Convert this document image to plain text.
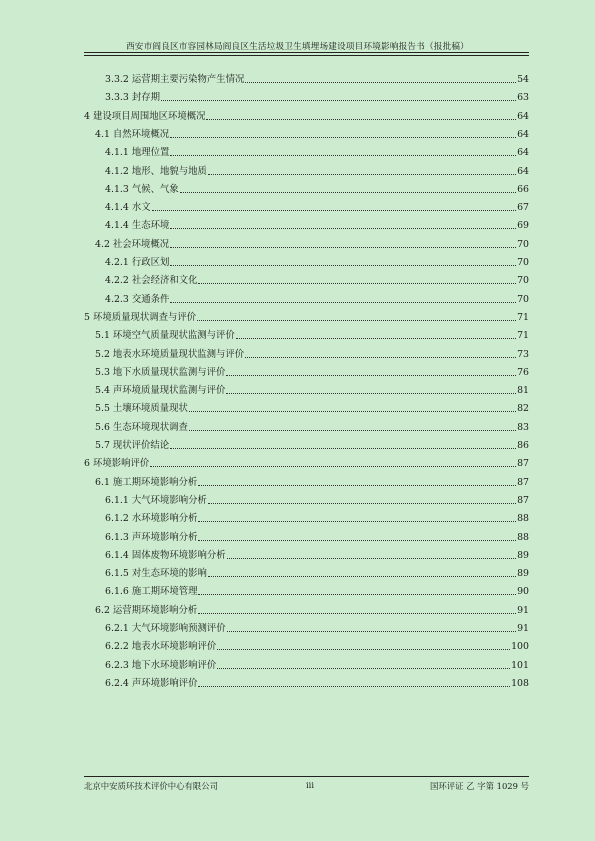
西安市阎良区市容园林局阎良区生活垃圾卫生填埋场建设项目环境影响报告书（报批稿）
3.3.2 运营期主要污染物产生情况	54
3.3.3 封存期	63
4 建设项目周围地区环境概况	64
4.1 自然环境概况	64
4.1.1 地理位置	64
4.1.2 地形、地貌与地质	64
4.1.3 气候、气象	66
4.1.4 水文	67
4.1.4 生态环境	69
4.2 社会环境概况	70
4.2.1 行政区划	70
4.2.2 社会经济和文化	70
4.2.3 交通条件	70
5 环境质量现状调查与评价	71
5.1 环境空气质量现状监测与评价	71
5.2 地表水环境质量现状监测与评价	73
5.3 地下水质量现状监测与评价	76
5.4 声环境质量现状监测与评价	81
5.5 土壤环境质量现状	82
5.6 生态环境现状调查	83
5.7 现状评价结论	86
6 环境影响评价	87
6.1 施工期环境影响分析	87
6.1.1 大气环境影响分析	87
6.1.2 水环境影响分析	88
6.1.3 声环境影响分析	88
6.1.4 固体废物环境影响分析	89
6.1.5 对生态环境的影响	89
6.1.6 施工期环境管理	90
6.2 运营期环境影响分析	91
6.2.1 大气环境影响预测评价	91
6.2.2 地表水环境影响评价	100
6.2.3 地下水环境影响评价	101
6.2.4 声环境影响评价	108
北京中安质环技术评价中心有限公司	iii	国环评证 乙 字第 1029 号
